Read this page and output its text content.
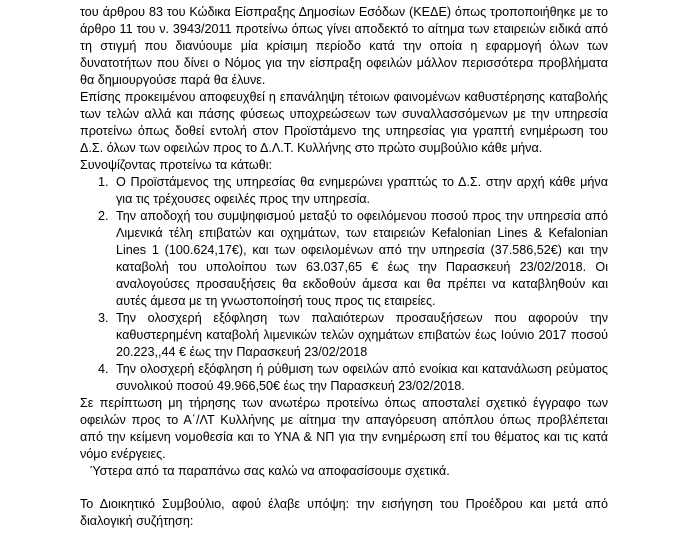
του άρθρου 83 του Κώδικα Είσπραξης Δημοσίων Εσόδων (ΚΕΔΕ) όπως τροποποιήθηκε με το άρθρο 11 του ν. 3943/2011 προτείνω όπως γίνει αποδεκτό το αίτημα των εταιρειών ειδικά από τη στιγμή που διανύουμε μία κρίσιμη περίοδο κατά την οποία η εφαρμογή όλων των δυνατοτήτων που δίνει ο Νόμος για την είσπραξη οφειλών μάλλον περισσότερα προβλήματα θα δημιουργούσε παρά θα έλυνε.

Επίσης προκειμένου αποφευχθεί η επανάληψη τέτοιων φαινομένων καθυστέρησης καταβολής των τελών αλλά και πάσης φύσεως υποχρεώσεων των συναλλασσόμενων με την υπηρεσία προτείνω όπως δοθεί εντολή στον Προϊστάμενο της υπηρεσίας για γραπτή ενημέρωση του Δ.Σ. όλων των οφειλών προς το Δ.Λ.Τ. Κυλλήνης στο πρώτο συμβούλιο κάθε μήνα.

Συνοψίζοντας προτείνω τα κάτωθι:

1. Ο Προϊστάμενος της υπηρεσίας θα ενημερώνει γραπτώς το Δ.Σ. στην αρχή κάθε μήνα για τις τρέχουσες οφειλές προς την υπηρεσία.
2. Την αποδοχή του συμψηφισμού μεταξύ το οφειλόμενου ποσού προς την υπηρεσία από Λιμενικά τέλη επιβατών και οχημάτων, των εταιρειών Kefalonian Lines & Kefalonian Lines 1 (100.624,17€), και των οφειλομένων από την υπηρεσία (37.586,52€) και την καταβολή του υπολοίπου των 63.037,65 € έως την Παρασκευή 23/02/2018. Οι αναλογούσες προσαυξήσεις θα εκδοθούν άμεσα και θα πρέπει να καταβληθούν και αυτές άμεσα με τη γνωστοποίησή τους προς τις εταιρείες.
3. Την ολοσχερή εξόφληση των παλαιότερων προσαυξήσεων που αφορούν την καθυστερημένη καταβολή λιμενικών τελών οχημάτων επιβατών έως Ιούνιο 2017 ποσού 20.223,,44 € έως την Παρασκευή 23/02/2018
4. Την ολοσχερή εξόφληση ή ρύθμιση των οφειλών από ενοίκια και κατανάλωση ρεύματος συνολικού ποσού 49.966,50€ έως την Παρασκευή 23/02/2018.

Σε περίπτωση μη τήρησης των ανωτέρω προτείνω όπως αποσταλεί σχετικό έγγραφο των οφειλών προς το Α΄/ΛΤ Κυλλήνης με αίτημα την απαγόρευση απόπλου όπως προβλέπεται από την κείμενη νομοθεσία και το ΥΝΑ & ΝΠ για την ενημέρωση επί του θέματος και τις κατά νόμο ενέργειες.

Ύστερα από τα παραπάνω σας καλώ να αποφασίσουμε σχετικά.

Το Διοικητικό Συμβούλιο, αφού έλαβε υπόψη: την εισήγηση του Προέδρου και μετά από διαλογική συζήτηση:
